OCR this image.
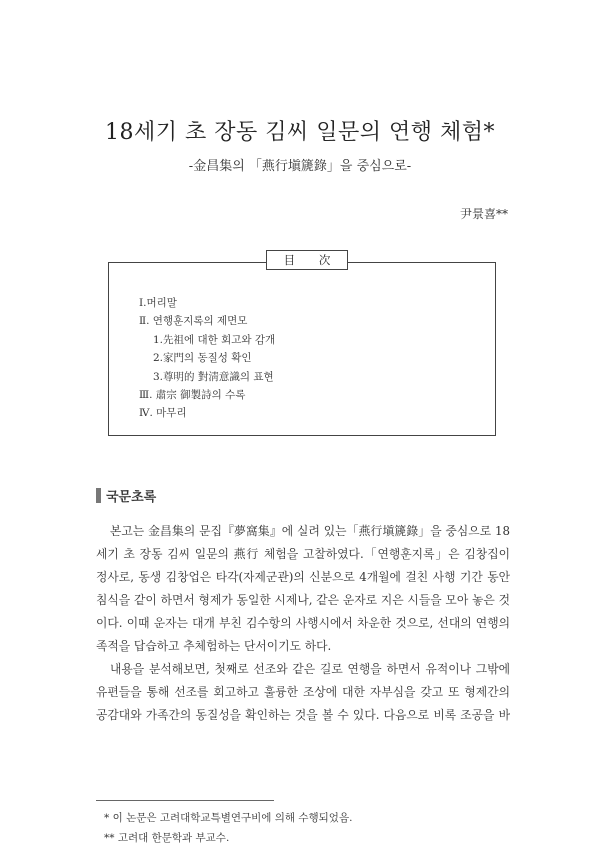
18세기 초 장동 김씨 일문의 연행 체험*
-金昌集의 「燕行塡篪錄」을 중심으로-
尹景喜**
目 次
Ⅰ.머리말
Ⅱ. 연행훈지록의 제면모
1.先祖에 대한 회고와 감개
2.家門의 동질성 확인
3.尊明的 對淸意識의 표현
Ⅲ. 肅宗 御製詩의 수록
Ⅳ. 마무리
국문초록

본고는 金昌集의 문집『夢窩集』에 실려 있는「燕行塡篪錄」을 중심으로 18세기 초 장동 김씨 일문의 燕行 체험을 고찰하였다.「연행훈지록」은 김창집이 정사로, 동생 김창업은 타각(자제군관)의 신분으로 4개월에 걸친 사행 기간 동안 침식을 같이 하면서 형제가 동일한 시제나, 같은 운자로 지은 시들을 모아 놓은 것이다. 이때 운자는 대개 부친 김수항의 사행시에서 차운한 것으로, 선대의 연행의 족적을 답습하고 추체험하는 단서이기도 하다.

내용을 분석해보면, 첫째로 선조와 같은 길로 연행을 하면서 유적이나 그밖에 유편들을 통해 선조를 회고하고 훌륭한 조상에 대한 자부심을 갖고 또 형제간의 공감대와 가족간의 동질성을 확인하는 것을 볼 수 있다. 다음으로 비록 조공을 바

* 이 논문은 고려대학교특별연구비에 의해 수행되었음.
** 고려대 한문학과 부교수.
